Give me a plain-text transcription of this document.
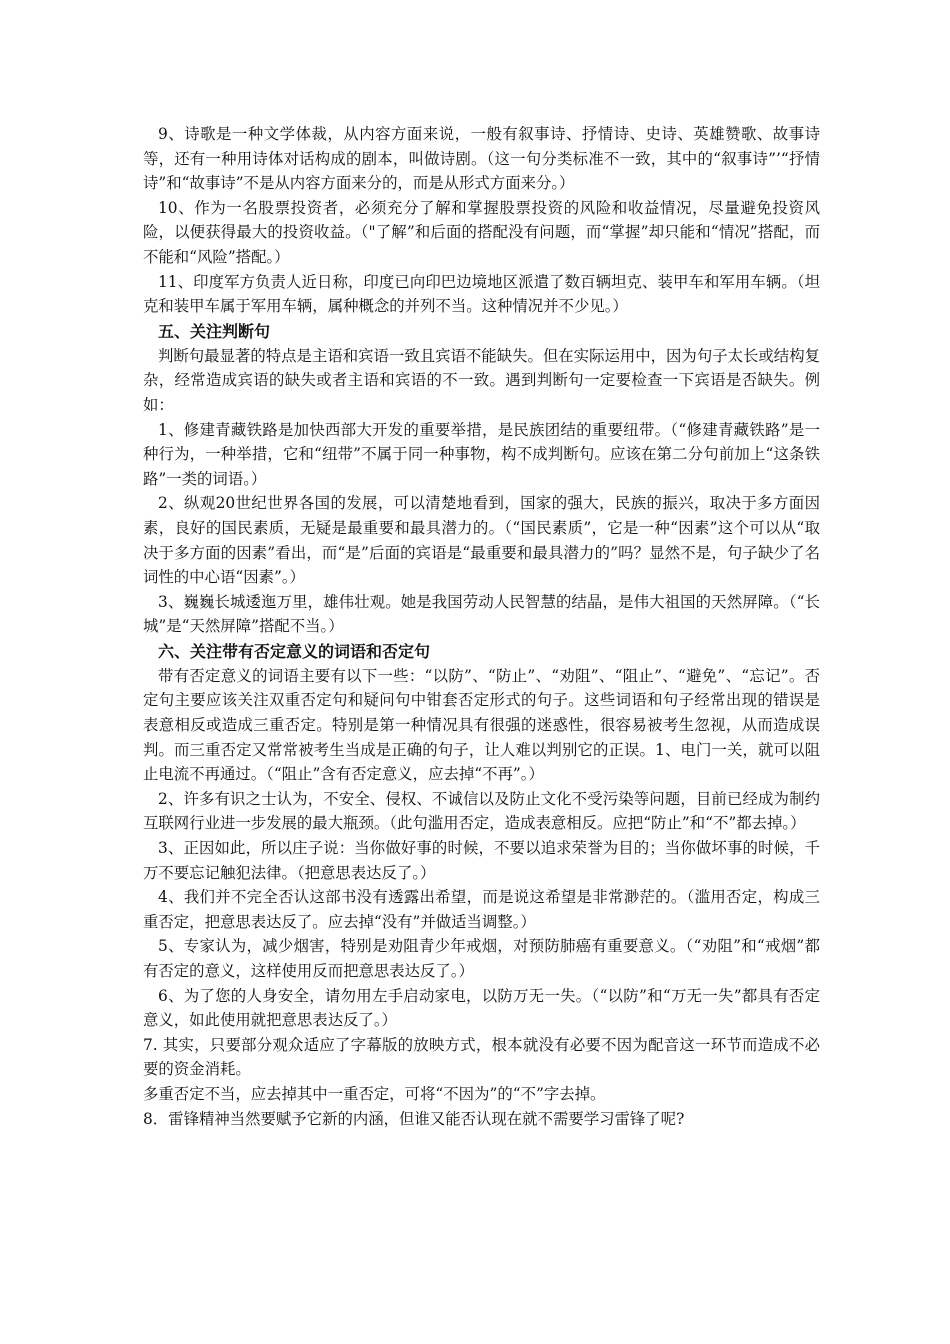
9、诗歌是一种文学体裁，从内容方面来说，一般有叙事诗、抒情诗、史诗、英雄赞歌、故事诗等，还有一种用诗体对话构成的剧本，叫做诗剧。（这一句分类标准不一致，其中的“叙事诗”’“抒情诗”和“故事诗”不是从内容方面来分的，而是从形式方面来分。）

10、作为一名股票投资者，必须充分了解和掌握股票投资的风险和收益情况，尽量避免投资风险，以便获得最大的投资收益。（"了解”和后面的搭配没有问题，而“掌握”却只能和“情况”搭配，而不能和“风险”搭配。）

11、印度军方负责人近日称，印度已向印巴边境地区派遣了数百辆坦克、装甲车和军用车辆。（坦克和装甲车属于军用车辆，属种概念的并列不当。这种情况并不少见。）

五、关注判断句

判断句最显著的特点是主语和宾语一致且宾语不能缺失。但在实际运用中，因为句子太长或结构复杂，经常造成宾语的缺失或者主语和宾语的不一致。遇到判断句一定要检查一下宾语是否缺失。例如：

1、修建青藏铁路是加快西部大开发的重要举措，是民族团结的重要纽带。（“修建青藏铁路”是一种行为，一种举措，它和“纽带”不属于同一种事物，构不成判断句。应该在第二分句前加上“这条铁路”一类的词语。）

2、纵观20世纪世界各国的发展，可以清楚地看到，国家的强大，民族的振兴，取决于多方面因素，良好的国民素质，无疑是最重要和最具潜力的。（“国民素质”，它是一种“因素”这个可以从“取决于多方面的因素”看出，而“是”后面的宾语是“最重要和最具潜力的”吗？显然不是，句子缺少了名词性的中心语“因素”。）

3、巍巍长城逶迤万里，雄伟壮观。她是我国劳动人民智慧的结晶，是伟大祖国的天然屏障。（“长城”是“天然屏障”搭配不当。）

六、关注带有否定意义的词语和否定句

带有否定意义的词语主要有以下一些：“以防”、“防止”、“劝阻”、“阻止”、“避免”、“忘记”。否定句主要应该关注双重否定句和疑问句中钳套否定形式的句子。这些词语和句子经常出现的错误是表意相反或造成三重否定。特别是第一种情况具有很强的迷惑性，很容易被考生忽视，从而造成误判。而三重否定又常常被考生当成是正确的句子，让人难以判别它的正误。1、电门一关，就可以阻止电流不再通过。（“阻止”含有否定意义，应去掉“不再”。）

2、许多有识之士认为，不安全、侵权、不诚信以及防止文化不受污染等问题，目前已经成为制约互联网行业进一步发展的最大瓶颈。（此句滥用否定，造成表意相反。应把“防止”和“不”都去掉。）

3、正因如此，所以庄子说：当你做好事的时候，不要以追求荣誉为目的；当你做坏事的时候，千万不要忘记触犯法律。（把意思表达反了。）

4、我们并不完全否认这部书没有透露出希望，而是说这希望是非常渺茫的。（滥用否定，构成三重否定，把意思表达反了。应去掉“没有”并做适当调整。）

5、专家认为，减少烟害，特别是劝阻青少年戒烟，对预防肺癌有重要意义。（“劝阻”和“戒烟”都有否定的意义，这样使用反而把意思表达反了。）

6、为了您的人身安全，请勿用左手启动家电，以防万无一失。（“以防”和“万无一失”都具有否定意义，如此使用就把意思表达反了。）

7. 其实，只要部分观众适应了字幕版的放映方式，根本就没有必要不因为配音这一环节而造成不必要的资金消耗。

多重否定不当，应去掉其中一重否定，可将“不因为”的“不”字去掉。

8．雷锋精神当然要赋予它新的内涵，但谁又能否认现在就不需要学习雷锋了呢?
